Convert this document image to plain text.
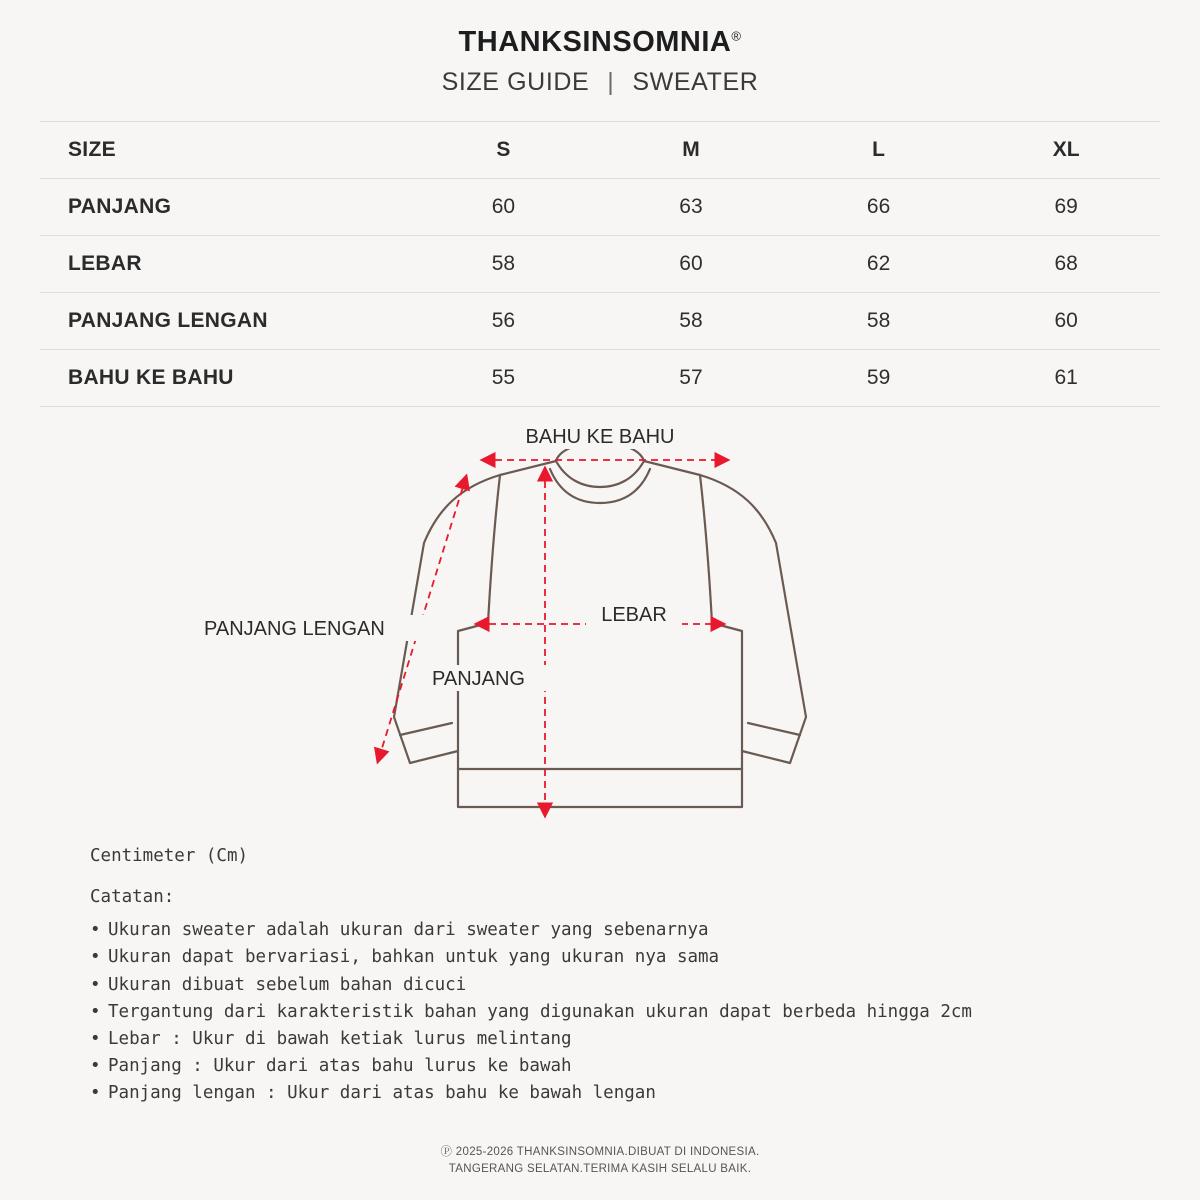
THANKSINSOMNIA®
SIZE GUIDE | SWEATER
SIZE	S	M	L	XL
PANJANG	60	63	66	69
LEBAR	58	60	62	68
PANJANG LENGAN	56	58	58	60
BAHU KE BAHU	55	57	59	61
BAHU KE BAHU
PANJANG LENGAN
LEBAR
PANJANG
Centimeter (Cm)
Catatan:
• Ukuran sweater adalah ukuran dari sweater yang sebenarnya
• Ukuran dapat bervariasi, bahkan untuk yang ukuran nya sama
• Ukuran dibuat sebelum bahan dicuci
• Tergantung dari karakteristik bahan yang digunakan ukuran dapat berbeda hingga 2cm
• Lebar : Ukur di bawah ketiak lurus melintang
• Panjang : Ukur dari atas bahu lurus ke bawah
• Panjang lengan : Ukur dari atas bahu ke bawah lengan
Ⓟ 2025-2026 THANKSINSOMNIA.DIBUAT DI INDONESIA.
TANGERANG SELATAN.TERIMA KASIH SELALU BAIK.
